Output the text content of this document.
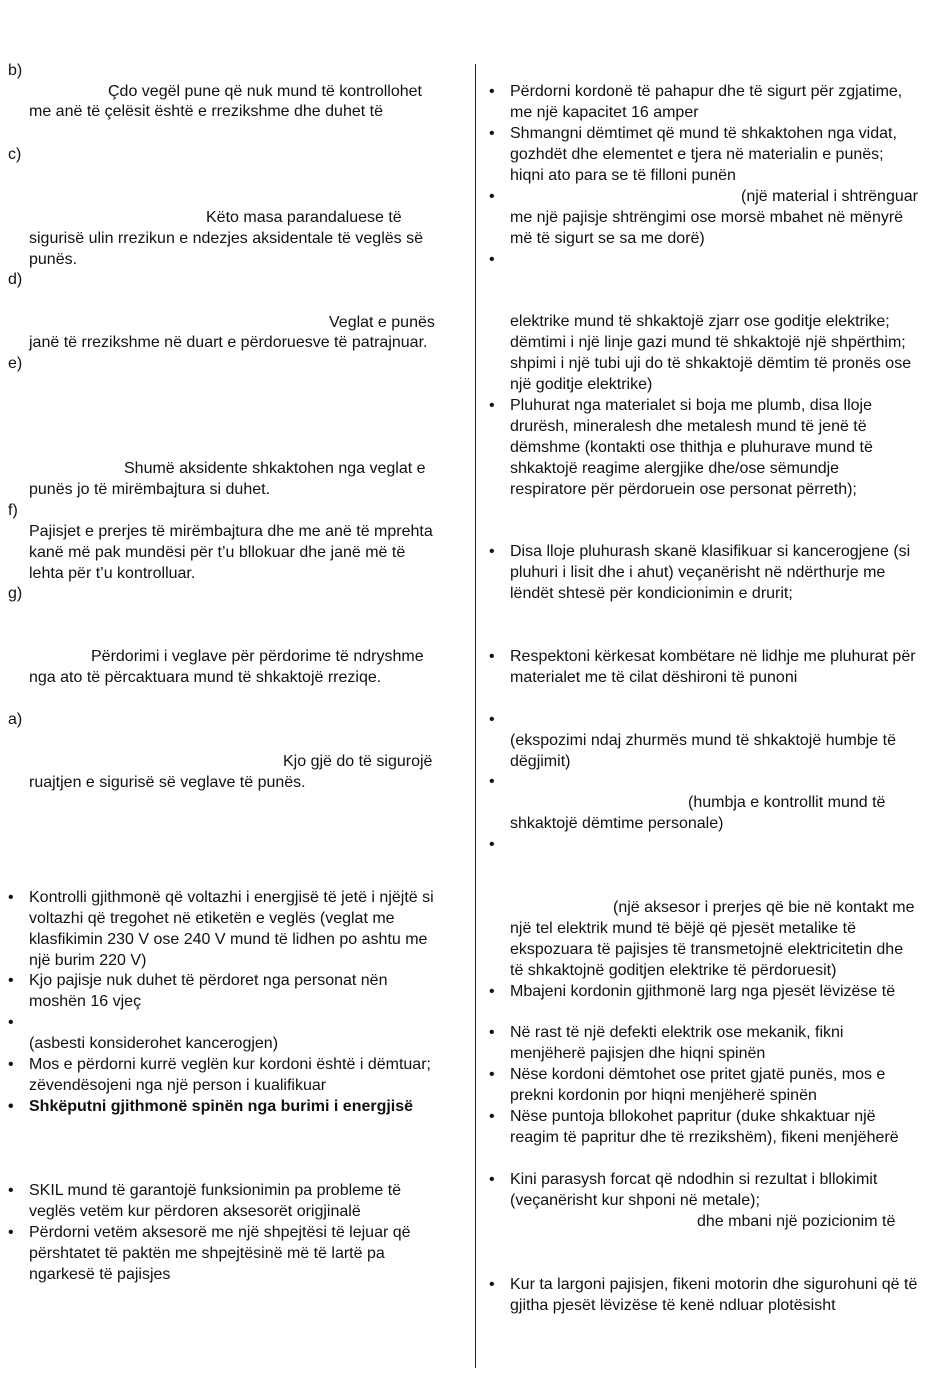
b)

Çdo vegël pune që nuk mund të kontrollohet

me anë të çelësit është e rrezikshme dhe duhet të

c)

Këto masa parandaluese të

sigurisë ulin rrezikun e ndezjes aksidentale të veglës së

punës.

d)

Veglat e punës

janë të rrezikshme në duart e përdoruesve të patrajnuar.

e)

Shumë aksidente shkaktohen nga veglat e

punës jo të mirëmbajtura si duhet.

f)

Pajisjet e prerjes të mirëmbajtura dhe me anë të mprehta

kanë më pak mundësi për t’u bllokuar dhe janë më të

lehta për t’u kontrolluar.

g)

Përdorimi i veglave për përdorime të ndryshme

nga ato të përcaktuara mund të shkaktojë rreziqe.

a)

Kjo gjë do të sigurojë

ruajtjen e sigurisë së veglave të punës.

• Kontrolli gjithmonë që voltazhi i energjisë të jetë i njëjtë si

voltazhi që tregohet në etiketën e veglës (veglat me

klasfikimin 230 V ose 240 V mund të lidhen po ashtu me

një burim 220 V)

• Kjo pajisje nuk duhet të përdoret nga personat nën

moshën 16 vjeç

•

(asbesti konsiderohet kancerogjen)

• Mos e përdorni kurrë veglën kur kordoni është i dëmtuar;

zëvendësojeni nga një person i kualifikuar

• Shkëputni gjithmonë spinën nga burimi i energjisë

• SKIL mund të garantojë funksionimin pa probleme të

veglës vetëm kur përdoren aksesorët origjinalë

• Përdorni vetëm aksesorë me një shpejtësi të lejuar që

përshtatet të paktën me shpejtësinë më të lartë pa

ngarkesë të pajisjes

• Përdorni kordonë të pahapur dhe të sigurt për zgjatime,

me një kapacitet 16 amper

• Shmangni dëmtimet që mund të shkaktohen nga vidat,

gozhdët dhe elementet e tjera në materialin e punës;

hiqni ato para se të filloni punën

•	(një material i shtrënguar

me një pajisje shtrëngimi ose morsë mbahet në mënyrë

më të sigurt se sa me dorë)

•

elektrike mund të shkaktojë zjarr ose goditje elektrike;

dëmtimi i një linje gazi mund të shkaktojë një shpërthim;

shpimi i një tubi uji do të shkaktojë dëmtim të pronës ose

një goditje elektrike)

• Pluhurat nga materialet si boja me plumb, disa lloje

drurësh, mineralesh dhe metalesh mund të jenë të

dëmshme (kontakti ose thithja e pluhurave mund të

shkaktojë reagime alergjike dhe/ose sëmundje

respiratore për përdoruein ose personat përreth);

• Disa lloje pluhurash skanë klasifikuar si kancerogjene (si

pluhuri i lisit dhe i ahut) veçanërisht në ndërthurje me

lëndët shtesë për kondicionimin e drurit;

• Respektoni kërkesat kombëtare në lidhje me pluhurat për

materialet me të cilat dëshironi të punoni

•

(ekspozimi ndaj zhurmës mund të shkaktojë humbje të

dëgjimit)

•

(humbja e kontrollit mund të

shkaktojë dëmtime personale)

•

(një aksesor i prerjes që bie në kontakt me

një tel elektrik mund të bëjë që pjesët metalike të

ekspozuara të pajisjes të transmetojnë elektricitetin dhe

të shkaktojnë goditjen elektrike të përdoruesit)

• Mbajeni kordonin gjithmonë larg nga pjesët lëvizëse të

• Në rast të një defekti elektrik ose mekanik, fikni

menjëherë pajisjen dhe hiqni spinën

• Nëse kordoni dëmtohet ose pritet gjatë punës, mos e

prekni kordonin por hiqni menjëherë spinën

• Nëse puntoja bllokohet papritur (duke shkaktuar një

reagim të papritur dhe të rrezikshëm), fikeni menjëherë

• Kini parasysh forcat që ndodhin si rezultat i bllokimit

(veçanërisht kur shponi në metale);

dhe mbani një pozicionim të

• Kur ta largoni pajisjen, fikeni motorin dhe sigurohuni që të

gjitha pjesët lëvizëse të kenë ndluar plotësisht
